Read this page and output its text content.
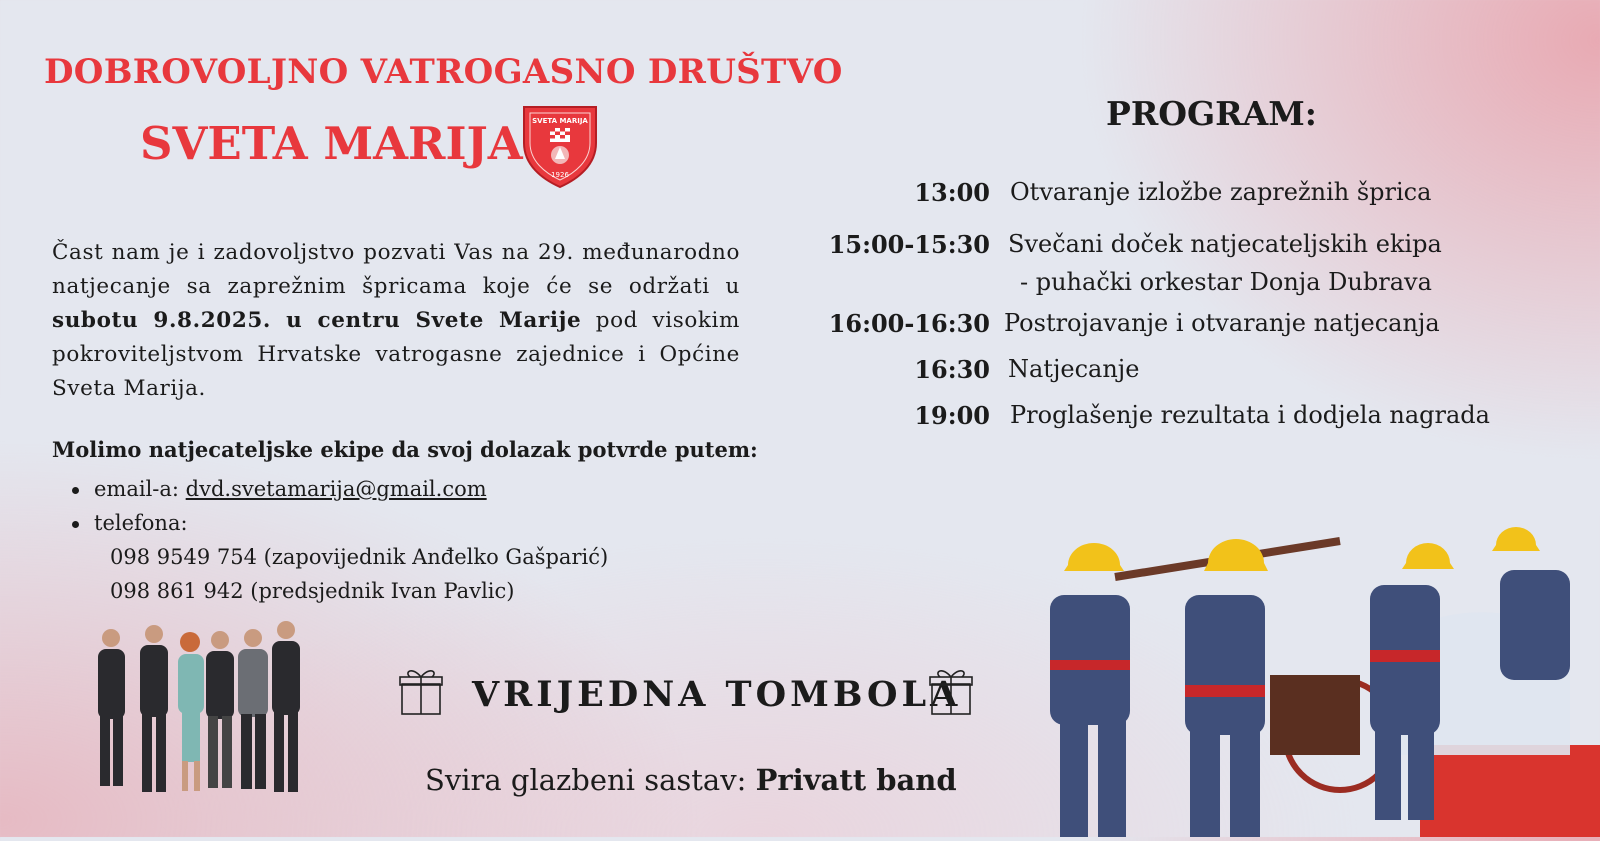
DOBROVOLJNO VATROGASNO DRUŠTVO
SVETA MARIJA SVETA MARIJA
1926
Čast nam je i zadovoljstvo pozvati Vas na 29. međunarodno natjecanje sa zaprežnim špricama koje će se održati u subotu 9.8.2025. u centru Svete Marije pod visokim pokroviteljstvom Hrvatske vatrogasne zajednice i Općine Sveta Marija.
Molimo natjecateljske ekipe da svoj dolazak potvrde putem:
email-a: dvd.svetamarija@gmail.com
telefona:
098 9549 754 (zapovijednik Anđelko Gašparić)
098 861 942 (predsjednik Ivan Pavlic)
PROGRAM:
13:00 Otvaranje izložbe zaprežnih šprica
15:00-15:30 Svečani doček natjecateljskih ekipa
- puhački orkestar Donja Dubrava
16:00-16:30 Postrojavanje i otvaranje natjecanja
16:30 Natjecanje
19:00 Proglašenje rezultata i dodjela nagrada
VRIJEDNA TOMBOLA
Svira glazbeni sastav: Privatt band
